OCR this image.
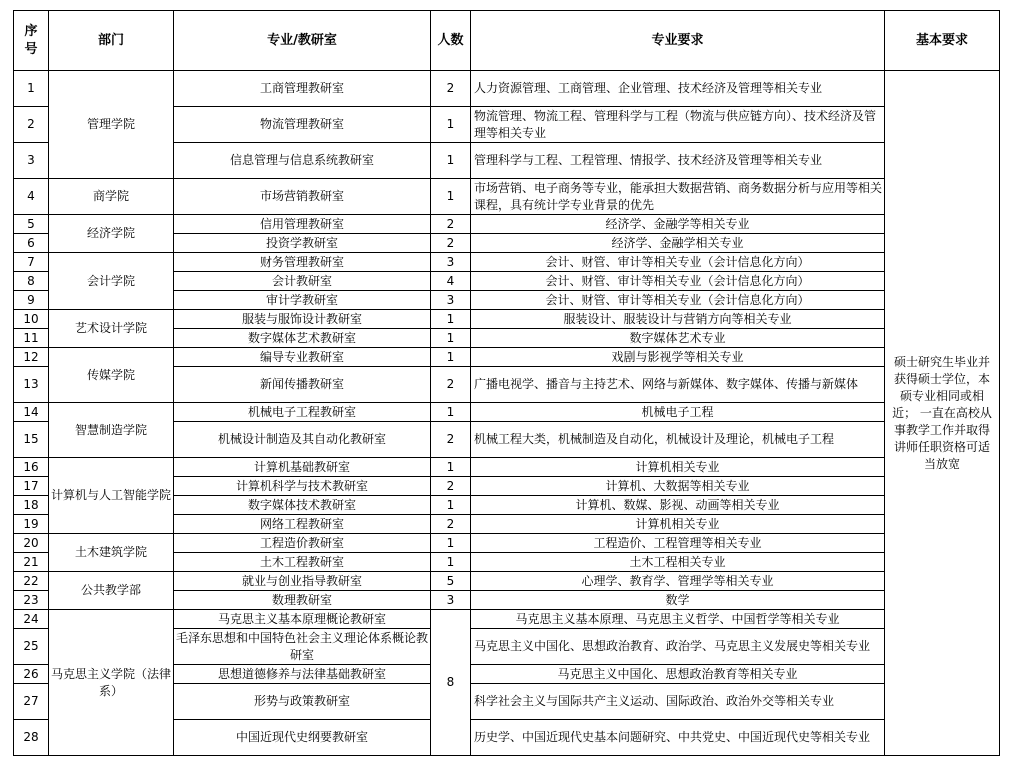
序号	部门	专业/教研室	人数	专业要求	基本要求
1	管理学院	工商管理教研室	2	人力资源管理、工商管理、企业管理、技术经济及管理等相关专业	硕士研究生毕业并获得硕士学位，本硕专业相同或相近； 一直在高校从事教学工作并取得讲师任职资格可适当放宽
2		物流管理教研室	1	物流管理、物流工程、管理科学与工程（物流与供应链方向）、技术经济及管理等相关专业	
3		信息管理与信息系统教研室	1	管理科学与工程、工程管理、情报学、技术经济及管理等相关专业	
4	商学院	市场营销教研室	1	市场营销、电子商务等专业，能承担大数据营销、商务数据分析与应用等相关课程，具有统计学专业背景的优先	
5	经济学院	信用管理教研室	2	经济学、金融学等相关专业	
6		投资学教研室	2	经济学、金融学相关专业	
7	会计学院	财务管理教研室	3	会计、财管、审计等相关专业（会计信息化方向）	
8		会计教研室	4	会计、财管、审计等相关专业（会计信息化方向）	
9		审计学教研室	3	会计、财管、审计等相关专业（会计信息化方向）	
10	艺术设计学院	服装与服饰设计教研室	1	服装设计、服装设计与营销方向等相关专业	
11		数字媒体艺术教研室	1	数字媒体艺术专业	
12	传媒学院	编导专业教研室	1	戏剧与影视学等相关专业	
13		新闻传播教研室	2	广播电视学、播音与主持艺术、网络与新媒体、数字媒体、传播与新媒体	
14	智慧制造学院	机械电子工程教研室	1	机械电子工程	
15		机械设计制造及其自动化教研室	2	机械工程大类，机械制造及自动化，机械设计及理论，机械电子工程	
16	计算机与人工智能学院	计算机基础教研室	1	计算机相关专业	
17		计算机科学与技术教研室	2	计算机、大数据等相关专业	
18		数字媒体技术教研室	1	计算机、数媒、影视、动画等相关专业	
19		网络工程教研室	2	计算机相关专业	
20	土木建筑学院	工程造价教研室	1	工程造价、工程管理等相关专业	
21		土木工程教研室	1	土木工程相关专业	
22	公共教学部	就业与创业指导教研室	5	心理学、教育学、管理学等相关专业	
23		数理教研室	3	数学	
24	马克思主义学院（法律系）	马克思主义基本原理概论教研室	8	马克思主义基本原理、马克思主义哲学、中国哲学等相关专业	
25		毛泽东思想和中国特色社会主义理论体系概论教研室		马克思主义中国化、思想政治教育、政治学、马克思主义发展史等相关专业	
26		思想道德修养与法律基础教研室		马克思主义中国化、思想政治教育等相关专业	
27		形势与政策教研室		科学社会主义与国际共产主义运动、国际政治、政治外交等相关专业	
28		中国近现代史纲要教研室		历史学、中国近现代史基本问题研究、中共党史、中国近现代史等相关专业	
